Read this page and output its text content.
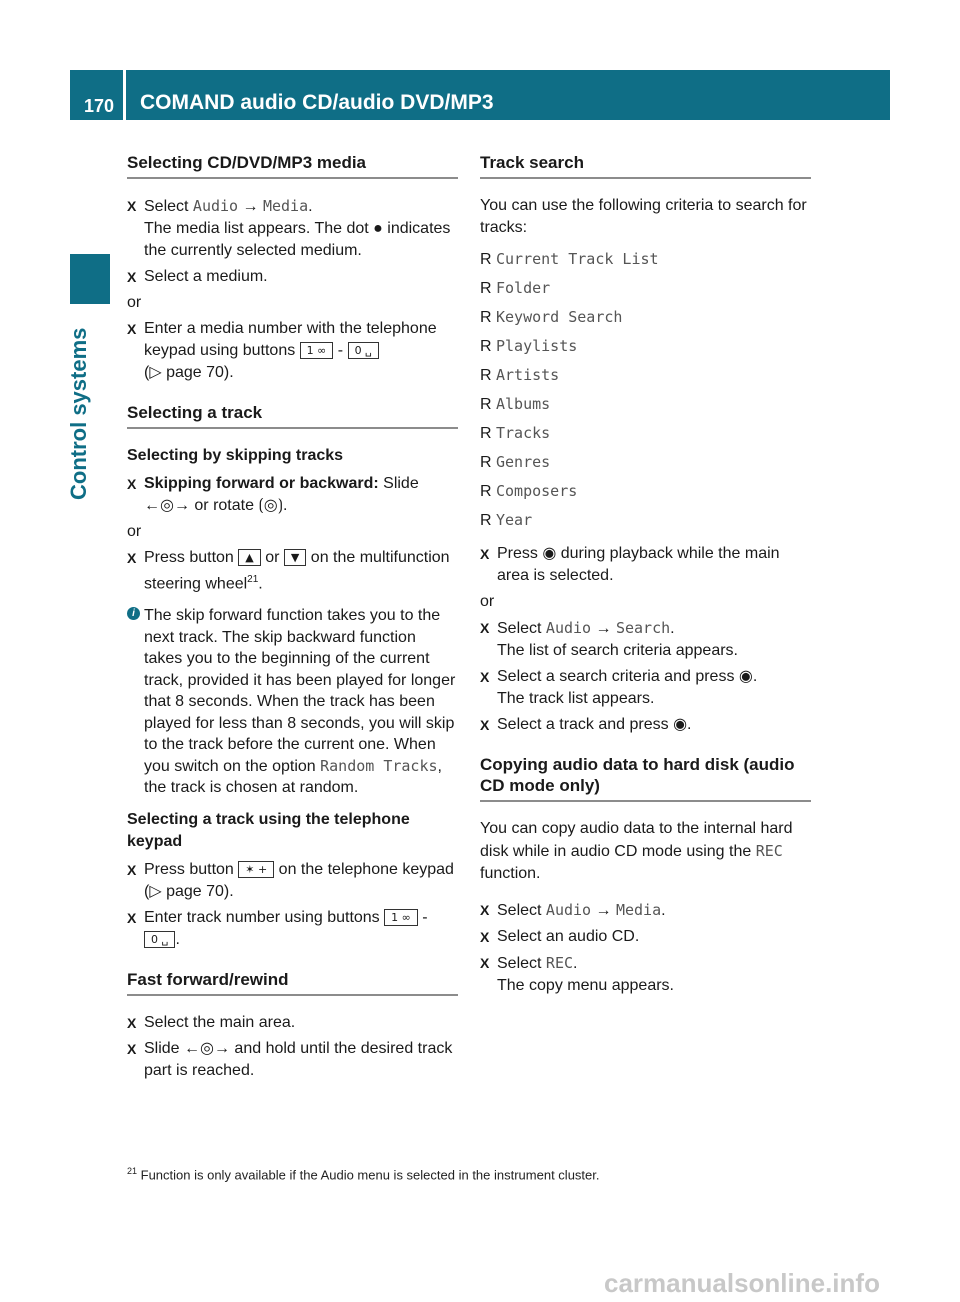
170 COMAND audio CD/audio DVD/MP3
Control systems
Selecting CD/DVD/MP3 media
X Select Audio → Media.
The media list appears. The dot ● indicates the currently selected medium.
X Select a medium.
or
X Enter a media number with the telephone keypad using buttons 1 ∞ - 0 ␣
(▷ page 70).
Selecting a track
Selecting by skipping tracks
X Skipping forward or backward: Slide ←◎→ or rotate ⟮◎⟯.
or
X Press button ▲ or ▼ on the multifunction steering wheel$^{21}$.
i The skip forward function takes you to the next track. The skip backward function takes you to the beginning of the current track, provided it has been played for longer that 8 seconds. When the track has been played for less than 8 seconds, you will skip to the track before the current one. When you switch on the option Random Tracks, the track is chosen at random.
Selecting a track using the telephone keypad
X Press button ✶ + on the telephone keypad (▷ page 70).
X Enter track number using buttons 1 ∞ -
0 ␣ .
Fast forward/rewind
X Select the main area.
X Slide ←◎→ and hold until the desired track part is reached.
Track search

You can use the following criteria to search for tracks:

R Current Track List
R Folder
R Keyword Search
R Playlists
R Artists
R Albums
R Tracks
R Genres
R Composers
R Year
X Press ◉ during playback while the main area is selected.
or
X Select Audio → Search.
The list of search criteria appears.
X Select a search criteria and press ◉.
The track list appears.
X Select a track and press ◉.
Copying audio data to hard disk (audio CD mode only)

You can copy audio data to the internal hard disk while in audio CD mode using the REC function.

X Select Audio → Media.
X Select an audio CD.
X Select REC.
The copy menu appears.
$^{21}$ Function is only available if the Audio menu is selected in the instrument cluster.
carmanualsonline.info
